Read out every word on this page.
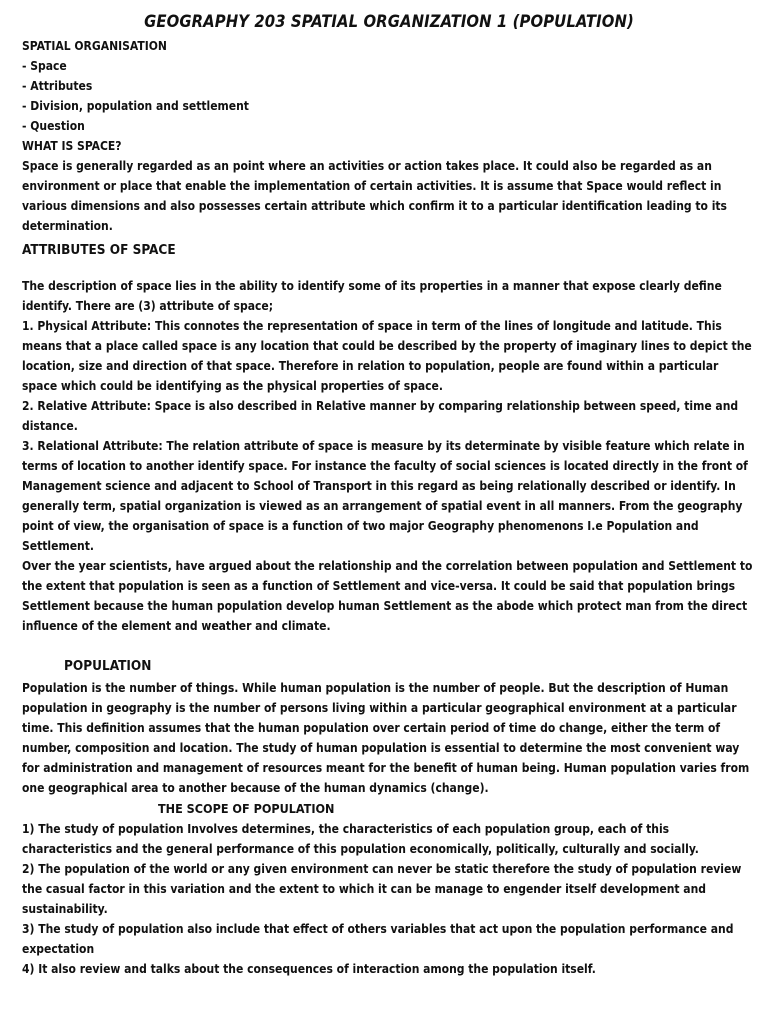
GEOGRAPHY 203 SPATIAL ORGANIZATION 1 (POPULATION)

SPATIAL ORGANISATION

- Space

- Attributes

- Division, population and settlement

- Question

WHAT IS SPACE?

Space is generally regarded as an point where an activities or action takes place. It could also be regarded as an environment or place that enable the implementation of certain activities. It is assume that Space would reflect in various dimensions and also possesses certain attribute which confirm it to a particular identification leading to its determination.

ATTRIBUTES OF SPACE

The description of space lies in the ability to identify some of its properties in a manner that expose clearly define identify. There are (3) attribute of space;

1. Physical Attribute: This connotes the representation of space in term of the lines of longitude and latitude. This means that a place called space is any location that could be described by the property of imaginary lines to depict the location, size and direction of that space. Therefore in relation to population, people are found within a particular space which could be identifying as the physical properties of space.

2. Relative Attribute: Space is also described in Relative manner by comparing relationship between speed, time and distance.

3. Relational Attribute: The relation attribute of space is measure by its determinate by visible feature which relate in terms of location to another identify space. For instance the faculty of social sciences is located directly in the front of Management science and adjacent to School of Transport in this regard as being relationally described or identify. In generally term, spatial organization is viewed as an arrangement of spatial event in all manners. From the geography point of view, the organisation of space is a function of two major Geography phenomenons I.e Population and Settlement.

Over the year scientists, have argued about the relationship and the correlation between population and Settlement to the extent that population is seen as a function of Settlement and vice-versa. It could be said that population brings Settlement because the human population develop human Settlement as the abode which protect man from the direct influence of the element and weather and climate.

POPULATION

Population is the number of things. While human population is the number of people. But the description of Human population in geography is the number of persons living within a particular geographical environment at a particular time. This definition assumes that the human population over certain period of time do change, either the term of number, composition and location. The study of human population is essential to determine the most convenient way for administration and management of resources meant for the benefit of human being. Human population varies from one geographical area to another because of the human dynamics (change).

THE SCOPE OF POPULATION

1) The study of population Involves determines, the characteristics of each population group, each of this characteristics and the general performance of this population economically, politically, culturally and socially.

2) The population of the world or any given environment can never be static therefore the study of population review the casual factor in this variation and the extent to which it can be manage to engender itself development and sustainability.

3) The study of population also include that effect of others variables that act upon the population performance and expectation

4) It also review and talks about the consequences of interaction among the population itself.
